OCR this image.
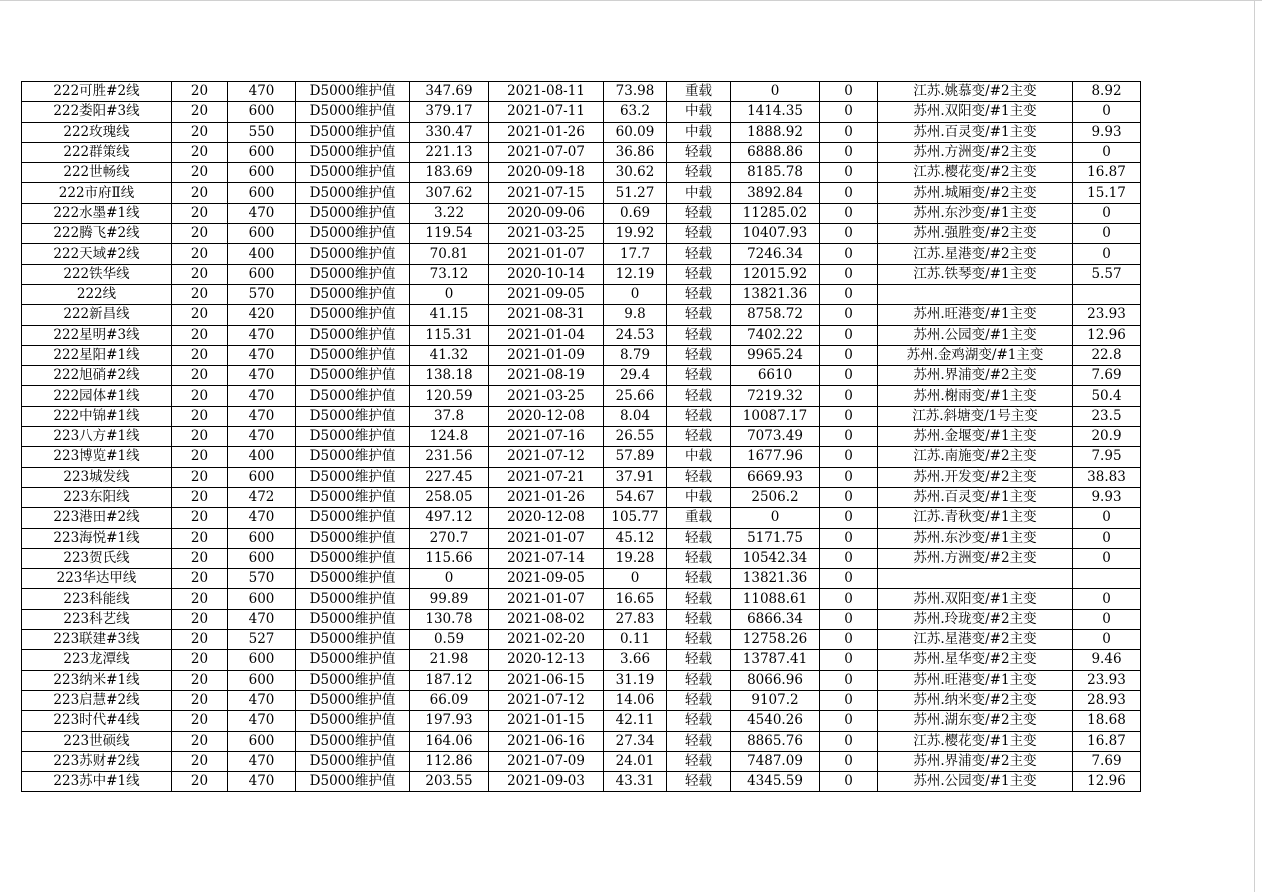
222可胜#2线	20	470	D5000维护值	347.69	2021-08-11	73.98	重载	0	0	江苏.姚慕变/#2主变	8.92
222娄阳#3线	20	600	D5000维护值	379.17	2021-07-11	63.2	中载	1414.35	0	苏州.双阳变/#1主变	0
222玫瑰线	20	550	D5000维护值	330.47	2021-01-26	60.09	中载	1888.92	0	苏州.百灵变/#1主变	9.93
222群策线	20	600	D5000维护值	221.13	2021-07-07	36.86	轻载	6888.86	0	苏州.方洲变/#2主变	0
222世畅线	20	600	D5000维护值	183.69	2020-09-18	30.62	轻载	8185.78	0	江苏.樱花变/#2主变	16.87
222市府Ⅱ线	20	600	D5000维护值	307.62	2021-07-15	51.27	中载	3892.84	0	苏州.城厢变/#2主变	15.17
222水墨#1线	20	470	D5000维护值	3.22	2020-09-06	0.69	轻载	11285.02	0	苏州.东沙变/#1主变	0
222腾飞#2线	20	600	D5000维护值	119.54	2021-03-25	19.92	轻载	10407.93	0	苏州.强胜变/#2主变	0
222天域#2线	20	400	D5000维护值	70.81	2021-01-07	17.7	轻载	7246.34	0	江苏.星港变/#2主变	0
222铁华线	20	600	D5000维护值	73.12	2020-10-14	12.19	轻载	12015.92	0	江苏.铁琴变/#1主变	5.57
222线	20	570	D5000维护值	0	2021-09-05	0	轻载	13821.36	0		
222新昌线	20	420	D5000维护值	41.15	2021-08-31	9.8	轻载	8758.72	0	苏州.旺港变/#1主变	23.93
222星明#3线	20	470	D5000维护值	115.31	2021-01-04	24.53	轻载	7402.22	0	苏州.公园变/#1主变	12.96
222星阳#1线	20	470	D5000维护值	41.32	2021-01-09	8.79	轻载	9965.24	0	苏州.金鸡湖变/#1主变	22.8
222旭硝#2线	20	470	D5000维护值	138.18	2021-08-19	29.4	轻载	6610	0	苏州.界浦变/#2主变	7.69
222园体#1线	20	470	D5000维护值	120.59	2021-03-25	25.66	轻载	7219.32	0	苏州.榭雨变/#1主变	50.4
222中锦#1线	20	470	D5000维护值	37.8	2020-12-08	8.04	轻载	10087.17	0	江苏.斜塘变/1号主变	23.5
223八方#1线	20	470	D5000维护值	124.8	2021-07-16	26.55	轻载	7073.49	0	苏州.金堰变/#1主变	20.9
223博览#1线	20	400	D5000维护值	231.56	2021-07-12	57.89	中载	1677.96	0	江苏.南施变/#2主变	7.95
223城发线	20	600	D5000维护值	227.45	2021-07-21	37.91	轻载	6669.93	0	苏州.开发变/#2主变	38.83
223东阳线	20	472	D5000维护值	258.05	2021-01-26	54.67	中载	2506.2	0	苏州.百灵变/#1主变	9.93
223港田#2线	20	470	D5000维护值	497.12	2020-12-08	105.77	重载	0	0	江苏.青秋变/#1主变	0
223海悦#1线	20	600	D5000维护值	270.7	2021-01-07	45.12	轻载	5171.75	0	苏州.东沙变/#1主变	0
223贺氏线	20	600	D5000维护值	115.66	2021-07-14	19.28	轻载	10542.34	0	苏州.方洲变/#2主变	0
223华达甲线	20	570	D5000维护值	0	2021-09-05	0	轻载	13821.36	0		
223科能线	20	600	D5000维护值	99.89	2021-01-07	16.65	轻载	11088.61	0	苏州.双阳变/#1主变	0
223科艺线	20	470	D5000维护值	130.78	2021-08-02	27.83	轻载	6866.34	0	苏州.玲珑变/#2主变	0
223联建#3线	20	527	D5000维护值	0.59	2021-02-20	0.11	轻载	12758.26	0	江苏.星港变/#2主变	0
223龙潭线	20	600	D5000维护值	21.98	2020-12-13	3.66	轻载	13787.41	0	苏州.星华变/#2主变	9.46
223纳米#1线	20	600	D5000维护值	187.12	2021-06-15	31.19	轻载	8066.96	0	苏州.旺港变/#1主变	23.93
223启慧#2线	20	470	D5000维护值	66.09	2021-07-12	14.06	轻载	9107.2	0	苏州.纳米变/#2主变	28.93
223时代#4线	20	470	D5000维护值	197.93	2021-01-15	42.11	轻载	4540.26	0	苏州.湖东变/#2主变	18.68
223世硕线	20	600	D5000维护值	164.06	2021-06-16	27.34	轻载	8865.76	0	江苏.樱花变/#1主变	16.87
223苏财#2线	20	470	D5000维护值	112.86	2021-07-09	24.01	轻载	7487.09	0	苏州.界浦变/#2主变	7.69
223苏中#1线	20	470	D5000维护值	203.55	2021-09-03	43.31	轻载	4345.59	0	苏州.公园变/#1主变	12.96
